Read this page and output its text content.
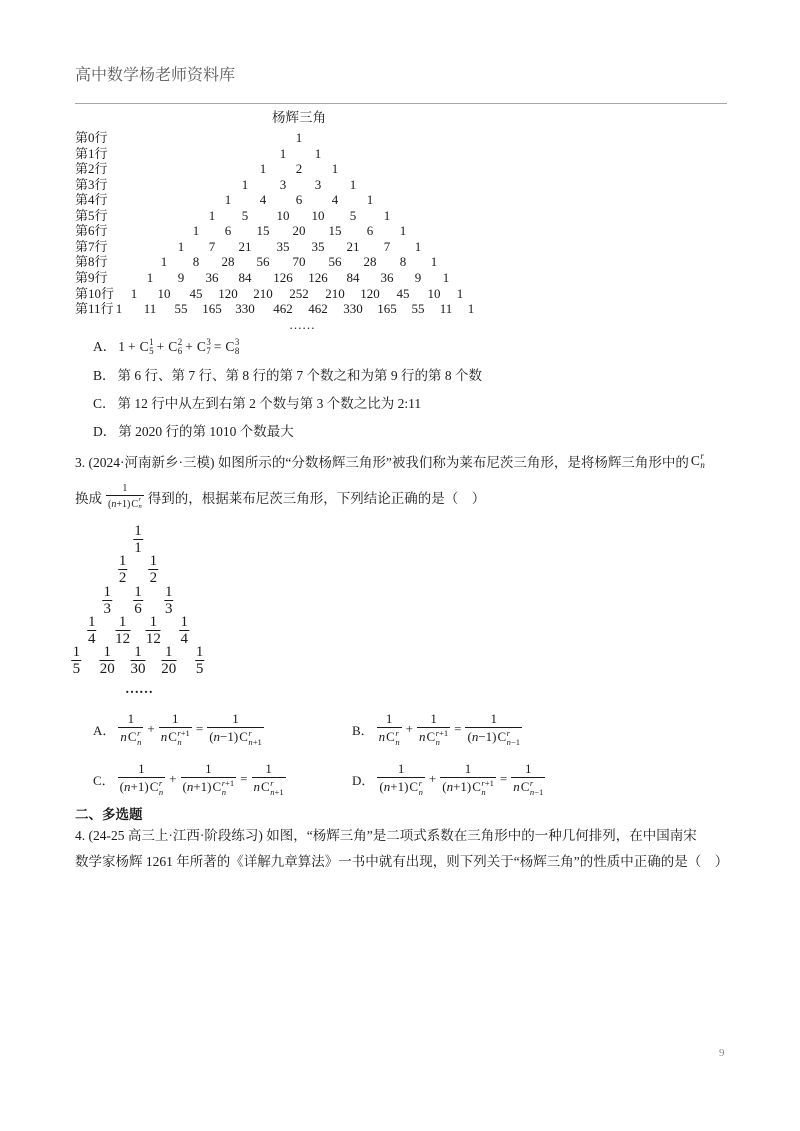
高中数学杨老师资料库
杨辉三角
第0行	1
第1行	1 1
第2行	1 2 1
第3行	1 3 3 1
第4行	1 4 6 4 1
第5行	1 5 10 10 5 1
第6行	1 6 15 20 15 6 1
第7行	1 7 21 35 35 21 7 1
第8行	1 8 28 56 70 56 28 8 1
第9行	1 9 36 84 126 126 84 36 9 1
第10行 1 10 45 120 210 252 210 120 45 10 1
第11行 1 11 55 165 330 462 462 330 165 55 11 1
……
A． 1 + C 1
5 + C 2
6 + C 3
7 = C 3
8
B． 第 6 行、第 7 行、第 8 行的第 7 个数之和为第 9 行的第 8 个数
C． 第 12 行中从左到右第 2 个数与第 3 个数之比为 2:11
D． 第 2020 行的第 1010 个数最大
3. (2024·河南新乡·三模) 如图所示的“分数杨辉三角形”被我们称为莱布尼茨三角形，是将杨辉三角形中的 C r
n
换成 1
( n +1) C r
n 得到的，根据莱布尼茨三角形，下列结论正确的是（    ）
$\frac{1}{1}$
$\frac{1}{2} \frac{1}{2}$
$\frac{1}{3} \frac{1}{6} \frac{1}{3}$
$\frac{1}{4} \frac{1}{12} \frac{1}{12} \frac{1}{4}$
$\frac{1}{5} \frac{1}{20} \frac{1}{30} \frac{1}{20} \frac{1}{5}$
……
A． 1
n C r
n + 1
n C r +1
n = 1
( n −1) C r
n +1	B． 1
n C r
n + 1
n C r +1
n = 1
( n −1) C r
n −1
C． 1
( n +1) C r
n + 1
( n +1) C r +1
n = 1
n C r
n +1	D． 1
( n +1) C r
n + 1
( n +1) C r +1
n = 1
n C r
n −1
二、多选题
4. (24-25 高三上·江西·阶段练习) 如图，“杨辉三角”是二项式系数在三角形中的一种几何排列，在中国南宋
数学家杨辉 1261 年所著的《详解九章算法》一书中就有出现，则下列关于“杨辉三角”的性质中正确的是（    ）
9
